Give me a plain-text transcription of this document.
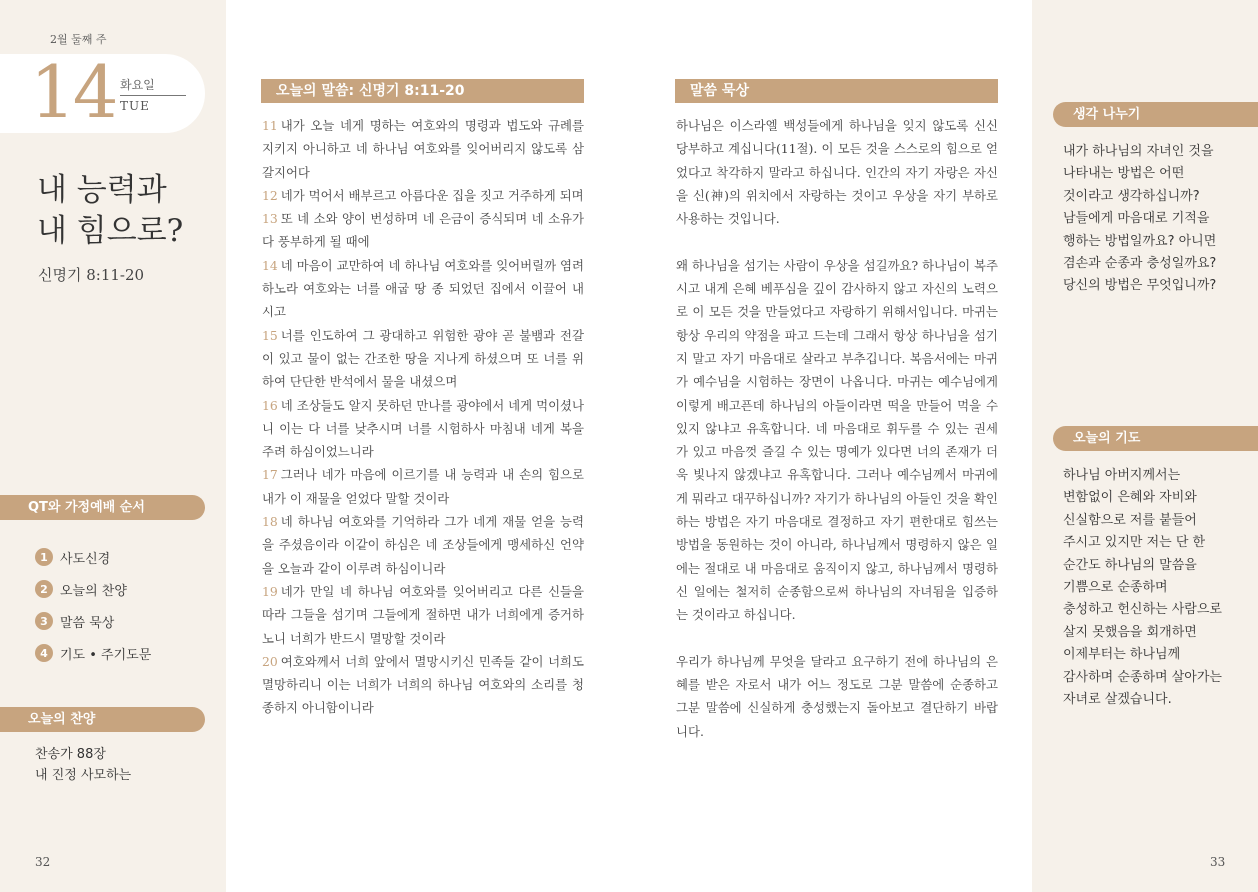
2월 둘째 주
14 화요일
TUE
내 능력과
내 힘으로?
신명기 8:11-20
QT와 가정예배 순서
1 사도신경
2 오늘의 찬양
3 말씀 묵상
4 기도 • 주기도문
오늘의 찬양
찬송가 88장
내 진정 사모하는
32
오늘의 말씀: 신명기 8:11-20
11 내가 오늘 네게 명하는 여호와의 명령과 법도와 규례를 지키지 아니하고 네 하나님 여호와를 잊어버리지 않도록 삼갈지어다
12 네가 먹어서 배부르고 아름다운 집을 짓고 거주하게 되며
13 또 네 소와 양이 번성하며 네 은금이 증식되며 네 소유가 다 풍부하게 될 때에
14 네 마음이 교만하여 네 하나님 여호와를 잊어버릴까 염려하노라 여호와는 너를 애굽 땅 종 되었던 집에서 이끌어 내시고
15 너를 인도하여 그 광대하고 위험한 광야 곧 불뱀과 전갈이 있고 물이 없는 간조한 땅을 지나게 하셨으며 또 너를 위하여 단단한 반석에서 물을 내셨으며
16 네 조상들도 알지 못하던 만나를 광야에서 네게 먹이셨나니 이는 다 너를 낮추시며 너를 시험하사 마침내 네게 복을 주려 하심이었느니라
17 그러나 네가 마음에 이르기를 내 능력과 내 손의 힘으로 내가 이 재물을 얻었다 말할 것이라
18 네 하나님 여호와를 기억하라 그가 네게 재물 얻을 능력을 주셨음이라 이같이 하심은 네 조상들에게 맹세하신 언약을 오늘과 같이 이루려 하심이니라
19 네가 만일 네 하나님 여호와를 잊어버리고 다른 신들을 따라 그들을 섬기며 그들에게 절하면 내가 너희에게 증거하노니 너희가 반드시 멸망할 것이라
20 여호와께서 너희 앞에서 멸망시키신 민족들 같이 너희도 멸망하리니 이는 너희가 너희의 하나님 여호와의 소리를 청종하지 아니함이니라
말씀 묵상

하나님은 이스라엘 백성들에게 하나님을 잊지 않도록 신신당부하고 계십니다(11절). 이 모든 것을 스스로의 힘으로 얻었다고 착각하지 말라고 하십니다. 인간의 자기 자랑은 자신을 신(神)의 위치에서 자랑하는 것이고 우상을 자기 부하로 사용하는 것입니다.

왜 하나님을 섬기는 사람이 우상을 섬길까요? 하나님이 복주시고 내게 은혜 베푸심을 깊이 감사하지 않고 자신의 노력으로 이 모든 것을 만들었다고 자랑하기 위해서입니다. 마귀는 항상 우리의 약점을 파고 드는데 그래서 항상 하나님을 섬기지 말고 자기 마음대로 살라고 부추깁니다. 복음서에는 마귀가 예수님을 시험하는 장면이 나옵니다. 마귀는 예수님에게 이렇게 배고픈데 하나님의 아들이라면 떡을 만들어 먹을 수 있지 않냐고 유혹합니다. 네 마음대로 휘두를 수 있는 권세가 있고 마음껏 즐길 수 있는 명예가 있다면 너의 존재가 더욱 빛나지 않겠냐고 유혹합니다. 그러나 예수님께서 마귀에게 뭐라고 대꾸하십니까? 자기가 하나님의 아들인 것을 확인하는 방법은 자기 마음대로 결정하고 자기 편한대로 힘쓰는 방법을 동원하는 것이 아니라, 하나님께서 명령하지 않은 일에는 절대로 내 마음대로 움직이지 않고, 하나님께서 명령하신 일에는 철저히 순종함으로써 하나님의 자녀됨을 입증하는 것이라고 하십니다.

우리가 하나님께 무엇을 달라고 요구하기 전에 하나님의 은혜를 받은 자로서 내가 어느 정도로 그분 말씀에 순종하고 그분 말씀에 신실하게 충성했는지 돌아보고 결단하기 바랍니다.

생각 나누기
내가 하나님의 자녀인 것을
나타내는 방법은 어떤
것이라고 생각하십니까?
남들에게 마음대로 기적을
행하는 방법일까요? 아니면
겸손과 순종과 충성일까요?
당신의 방법은 무엇입니까?
오늘의 기도
하나님 아버지께서는
변함없이 은혜와 자비와
신실함으로 저를 붙들어
주시고 있지만 저는 단 한
순간도 하나님의 말씀을
기쁨으로 순종하며
충성하고 헌신하는 사람으로
살지 못했음을 회개하면
이제부터는 하나님께
감사하며 순종하며 살아가는
자녀로 살겠습니다.
33
